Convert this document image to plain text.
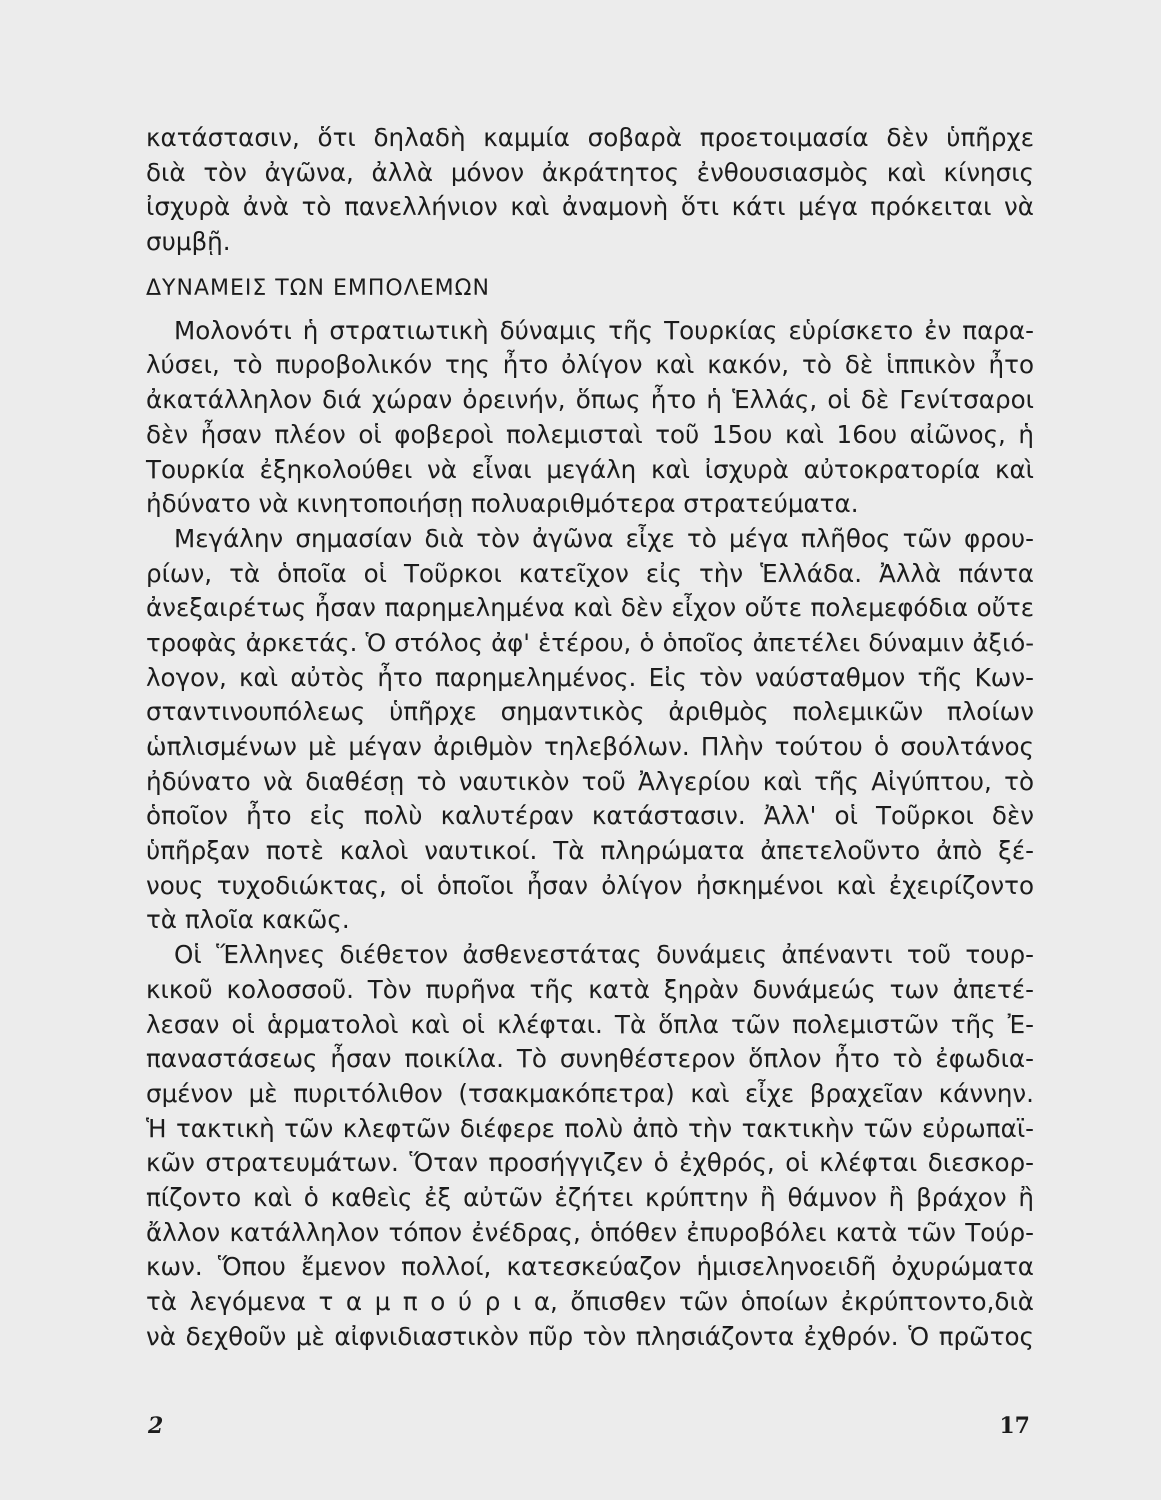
κατάστασιν, ὅτι δηλαδὴ καμμία σοβαρὰ προετοιμασία δὲν ὑπῆρχε
διὰ τὸν ἀγῶνα, ἀλλὰ μόνον ἀκράτητος ἐνθουσιασμὸς καὶ κίνησις
ἰσχυρὰ ἀνὰ τὸ πανελλήνιον καὶ ἀναμονὴ ὅτι κάτι μέγα πρόκειται νὰ
συμβῇ.
ΔΥΝΑΜΕΙΣ ΤΩΝ ΕΜΠΟΛΕΜΩΝ
Μολονότι ἡ στρατιωτικὴ δύναμις τῆς Τουρκίας εὑρίσκετο ἐν παρα-
λύσει, τὸ πυροβολικόν της ἦτο ὀλίγον καὶ κακόν, τὸ δὲ ἱππικὸν ἦτο
ἀκατάλληλον διά χώραν ὀρεινήν, ὅπως ἦτο ἡ Ἑλλάς, οἱ δὲ Γενίτσαροι
δὲν ἦσαν πλέον οἱ φοβεροὶ πολεμισταὶ τοῦ 15ου καὶ 16ου αἰῶνος, ἡ
Τουρκία ἐξηκολούθει νὰ εἶναι μεγάλη καὶ ἰσχυρὰ αὐτοκρατορία καὶ
ἠδύνατο νὰ κινητοποιήσῃ πολυαριθμότερα στρατεύματα.
Μεγάλην σημασίαν διὰ τὸν ἀγῶνα εἶχε τὸ μέγα πλῆθος τῶν φρου-
ρίων, τὰ ὁποῖα οἱ Τοῦρκοι κατεῖχον εἰς τὴν Ἑλλάδα. Ἀλλὰ πάντα
ἀνεξαιρέτως ἦσαν παρημελημένα καὶ δὲν εἶχον οὔτε πολεμεφόδια οὔτε
τροφὰς ἀρκετάς. Ὁ στόλος ἀφ' ἑτέρου, ὁ ὁποῖος ἀπετέλει δύναμιν ἀξιό-
λογον, καὶ αὐτὸς ἦτο παρημελημένος. Εἰς τὸν ναύσταθμον τῆς Κων-
σταντινουπόλεως ὑπῆρχε σημαντικὸς ἀριθμὸς πολεμικῶν πλοίων
ὡπλισμένων μὲ μέγαν ἀριθμὸν τηλεβόλων. Πλὴν τούτου ὁ σουλτάνος
ἠδύνατο νὰ διαθέσῃ τὸ ναυτικὸν τοῦ Ἀλγερίου καὶ τῆς Αἰγύπτου, τὸ
ὁποῖον ἦτο εἰς πολὺ καλυτέραν κατάστασιν. Ἀλλ' οἱ Τοῦρκοι δὲν
ὑπῆρξαν ποτὲ καλοὶ ναυτικοί. Τὰ πληρώματα ἀπετελοῦντο ἀπὸ ξέ-
νους τυχοδιώκτας, οἱ ὁποῖοι ἦσαν ὀλίγον ἠσκημένοι καὶ ἐχειρίζοντο
τὰ πλοῖα κακῶς.
Οἱ Ἕλληνες διέθετον ἀσθενεστάτας δυνάμεις ἀπέναντι τοῦ τουρ-
κικοῦ κολοσσοῦ. Τὸν πυρῆνα τῆς κατὰ ξηρὰν δυνάμεώς των ἀπετέ-
λεσαν οἱ ἁρματολοὶ καὶ οἱ κλέφται. Τὰ ὅπλα τῶν πολεμιστῶν τῆς Ἐ-
παναστάσεως ἦσαν ποικίλα. Τὸ συνηθέστερον ὅπλον ἦτο τὸ ἐφωδια-
σμένον μὲ πυριτόλιθον (τσακμακόπετρα) καὶ εἶχε βραχεῖαν κάννην.
Ἡ τακτικὴ τῶν κλεφτῶν διέφερε πολὺ ἀπὸ τὴν τακτικὴν τῶν εὐρωπαϊ-
κῶν στρατευμάτων. Ὅταν προσήγγιζεν ὁ ἐχθρός, οἱ κλέφται διεσκορ-
πίζοντο καὶ ὁ καθεὶς ἐξ αὐτῶν ἐζήτει κρύπτην ἢ θάμνον ἢ βράχον ἢ
ἄλλον κατάλληλον τόπον ἐνέδρας, ὁπόθεν ἐπυροβόλει κατὰ τῶν Τούρ-
κων. Ὅπου ἔμενον πολλοί, κατεσκεύαζον ἡμισεληνοειδῆ ὀχυρώματα
τὰ λεγόμενα τ α μ π ο ύ ρ ι α, ὄπισθεν τῶν ὁποίων ἐκρύπτοντο,διὰ
νὰ δεχθοῦν μὲ αἰφνιδιαστικὸν πῦρ τὸν πλησιάζοντα ἐχθρόν. Ὁ πρῶτος
2	17
